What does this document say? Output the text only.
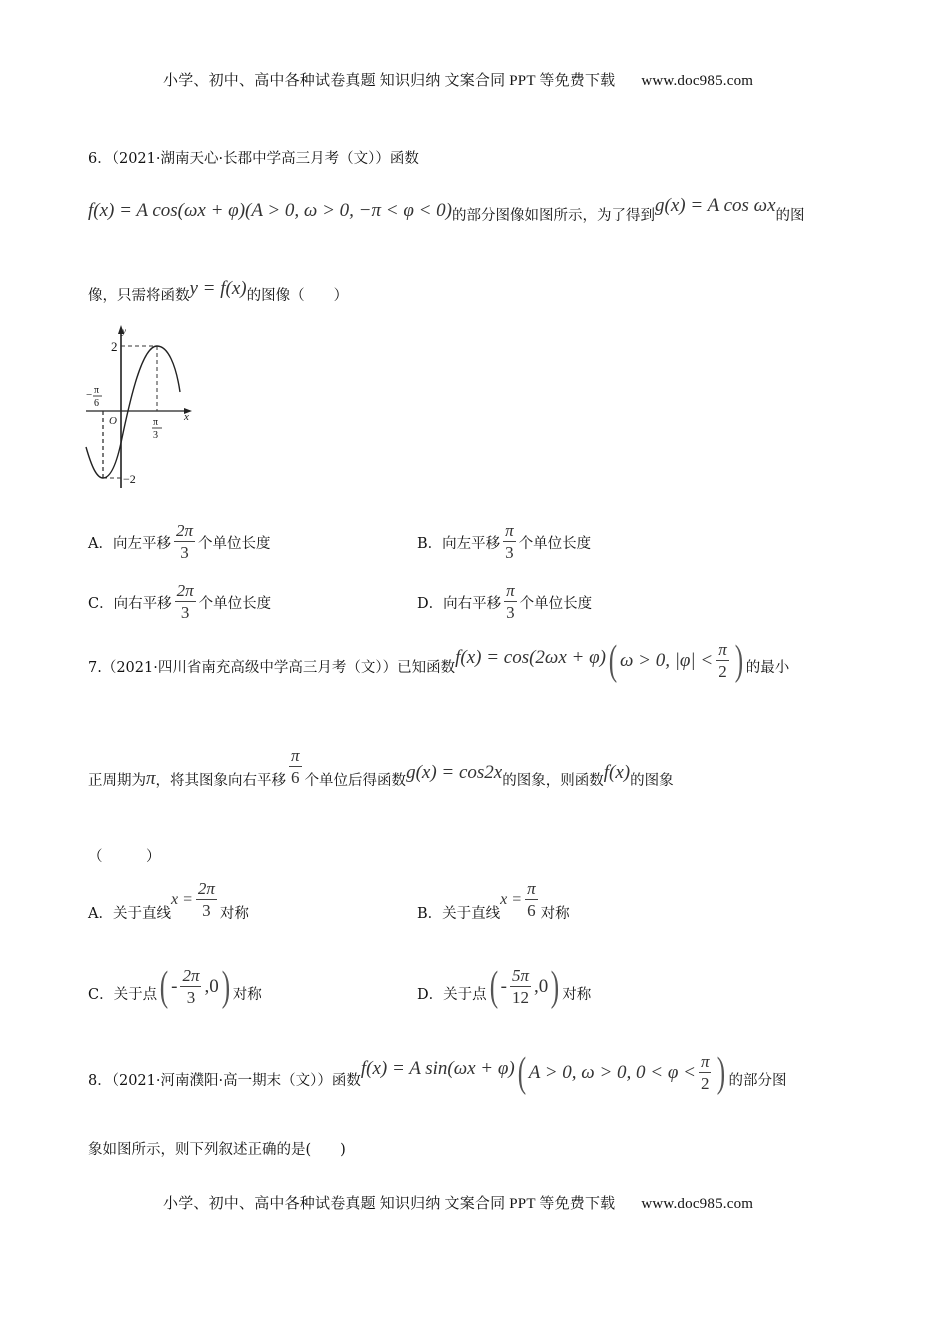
小学、初中、高中各种试卷真题 知识归纳 文案合同 PPT 等免费下载 www.doc985.com
6．（2021·湖南天心·长郡中学高三月考（文））函数
f(x) = A cos(ωx + φ)(A > 0, ω > 0, −π < φ < 0) 的部分图像如图所示，为了得到
g(x) = A cos ωx
的图
像，只需将函数 y = f(x) 的图像（　　）
y
x
O
2
−2
− π
6
π
3
A．向左平移 $\frac{2\pi}{3}$ 个单位长度	B．向左平移 $\frac{\pi}{3}$ 个单位长度
C．向右平移 $\frac{2\pi}{3}$ 个单位长度	D．向右平移 $\frac{\pi}{3}$ 个单位长度
7.（2021·四川省南充高级中学高三月考（文））已知函数 f(x) = cos(2ωx + φ) ( ω > 0, $|\varphi| < \frac{\pi}{2}$ ) 的最小
正周期为 π ，将其图象向右平移 $\frac{\pi}{6}$ 个单位后得函数 g(x) = cos2x 的图象，则函数 f(x) 的图象
（　　　）
A．关于直线
$x = \frac{2\pi}{3}$ 对称	B．关于直线
$x = \frac{\pi}{6}$ 对称
C．关于点 ( - $\frac{2\pi}{3} ,0$ ) 对称	D．关于点 ( - $\frac{5\pi}{12} ,0$ ) 对称
8．（2021·河南濮阳·高一期末（文））函数
f(x) = A sin(ωx + φ) ( A > 0, ω > 0, $0 < \varphi < \frac{\pi}{2}$ ) 的部分图
象如图所示，则下列叙述正确的是(　　)
小学、初中、高中各种试卷真题 知识归纳 文案合同 PPT 等免费下载 www.doc985.com
